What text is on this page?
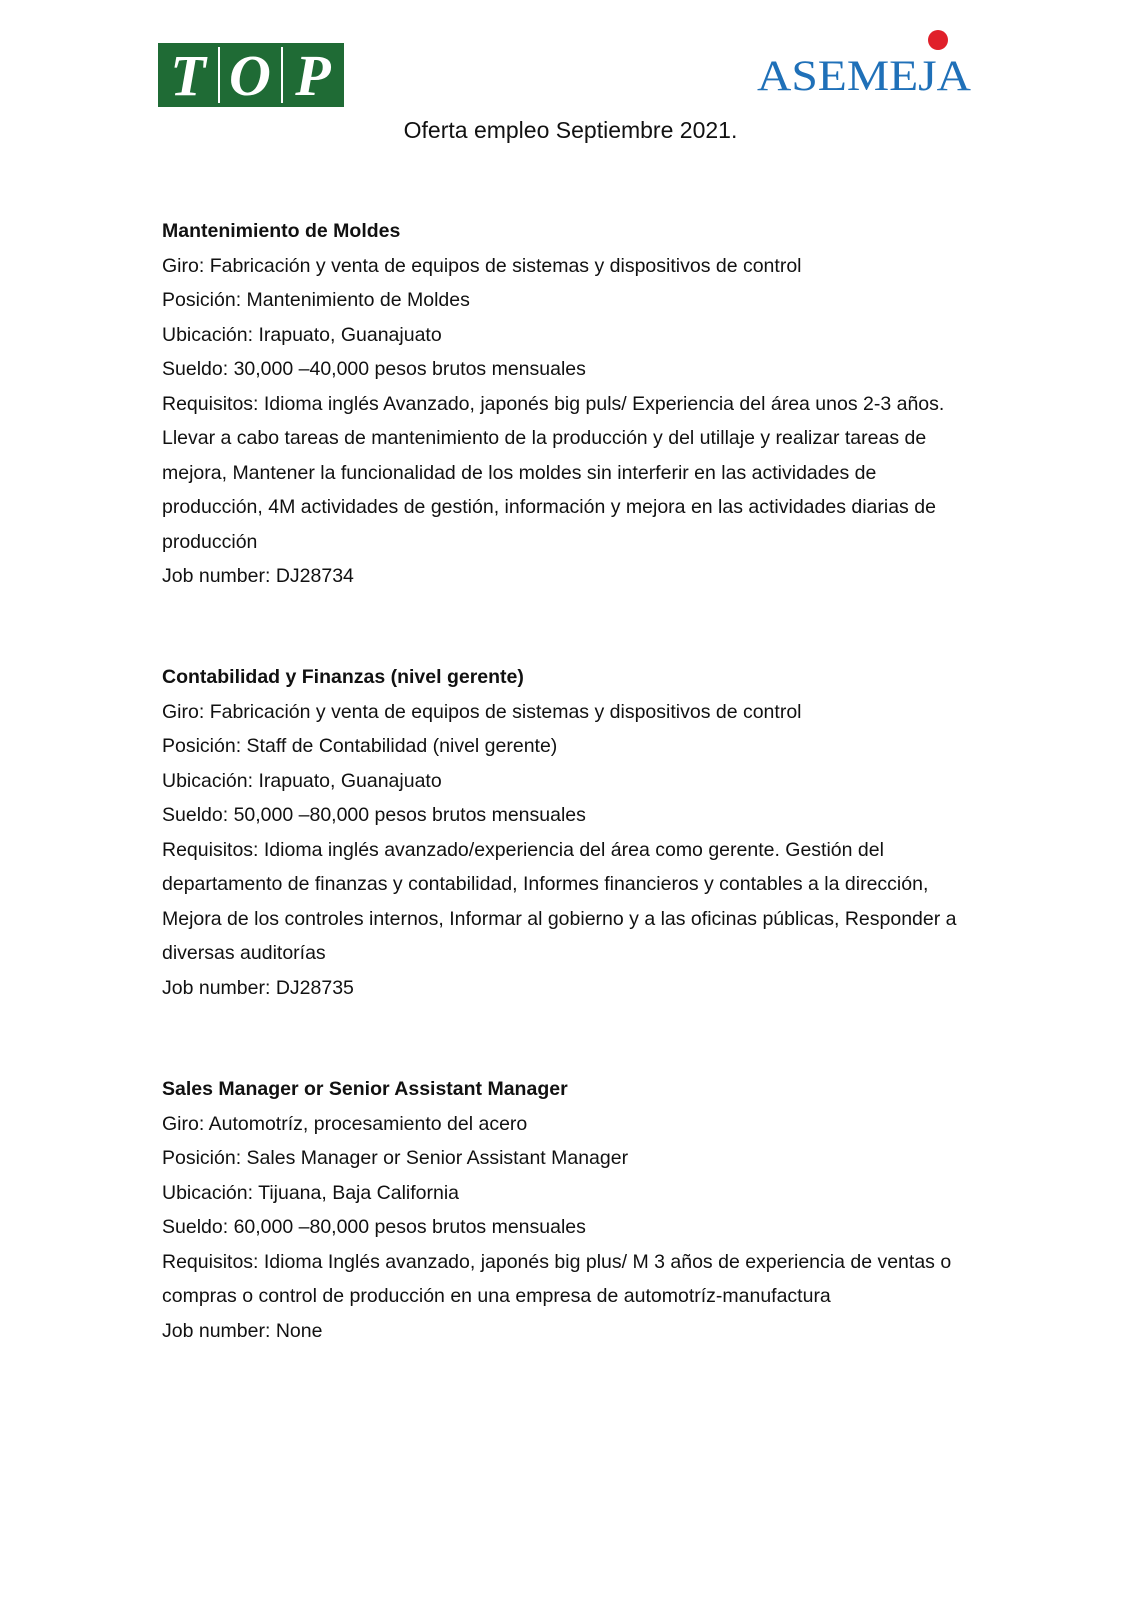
T O P	ASEMEJA
Oferta empleo Septiembre 2021.

Mantenimiento de Moldes

Giro: Fabricación y venta de equipos de sistemas y dispositivos de control

Posición: Mantenimiento de Moldes

Ubicación: Irapuato, Guanajuato

Sueldo: 30,000 –40,000 pesos brutos mensuales

Requisitos: Idioma inglés Avanzado, japonés big puls/ Experiencia del área unos 2-3 años. Llevar a cabo tareas de mantenimiento de la producción y del utillaje y realizar tareas de mejora, Mantener la funcionalidad de los moldes sin interferir en las actividades de producción, 4M actividades de gestión, información y mejora en las actividades diarias de producción

Job number: DJ28734

Contabilidad y Finanzas (nivel gerente)

Giro: Fabricación y venta de equipos de sistemas y dispositivos de control

Posición: Staff de Contabilidad (nivel gerente)

Ubicación: Irapuato, Guanajuato

Sueldo: 50,000 –80,000 pesos brutos mensuales

Requisitos: Idioma inglés avanzado/experiencia del área como gerente. Gestión del departamento de finanzas y contabilidad, Informes financieros y contables a la dirección, Mejora de los controles internos, Informar al gobierno y a las oficinas públicas, Responder a diversas auditorías

Job number: DJ28735

Sales Manager or Senior Assistant Manager

Giro: Automotríz, procesamiento del acero

Posición: Sales Manager or Senior Assistant Manager

Ubicación: Tijuana, Baja California

Sueldo: 60,000 –80,000 pesos brutos mensuales

Requisitos: Idioma Inglés avanzado, japonés big plus/ M 3 años de experiencia de ventas o compras o control de producción en una empresa de automotríz-manufactura

Job number: None
